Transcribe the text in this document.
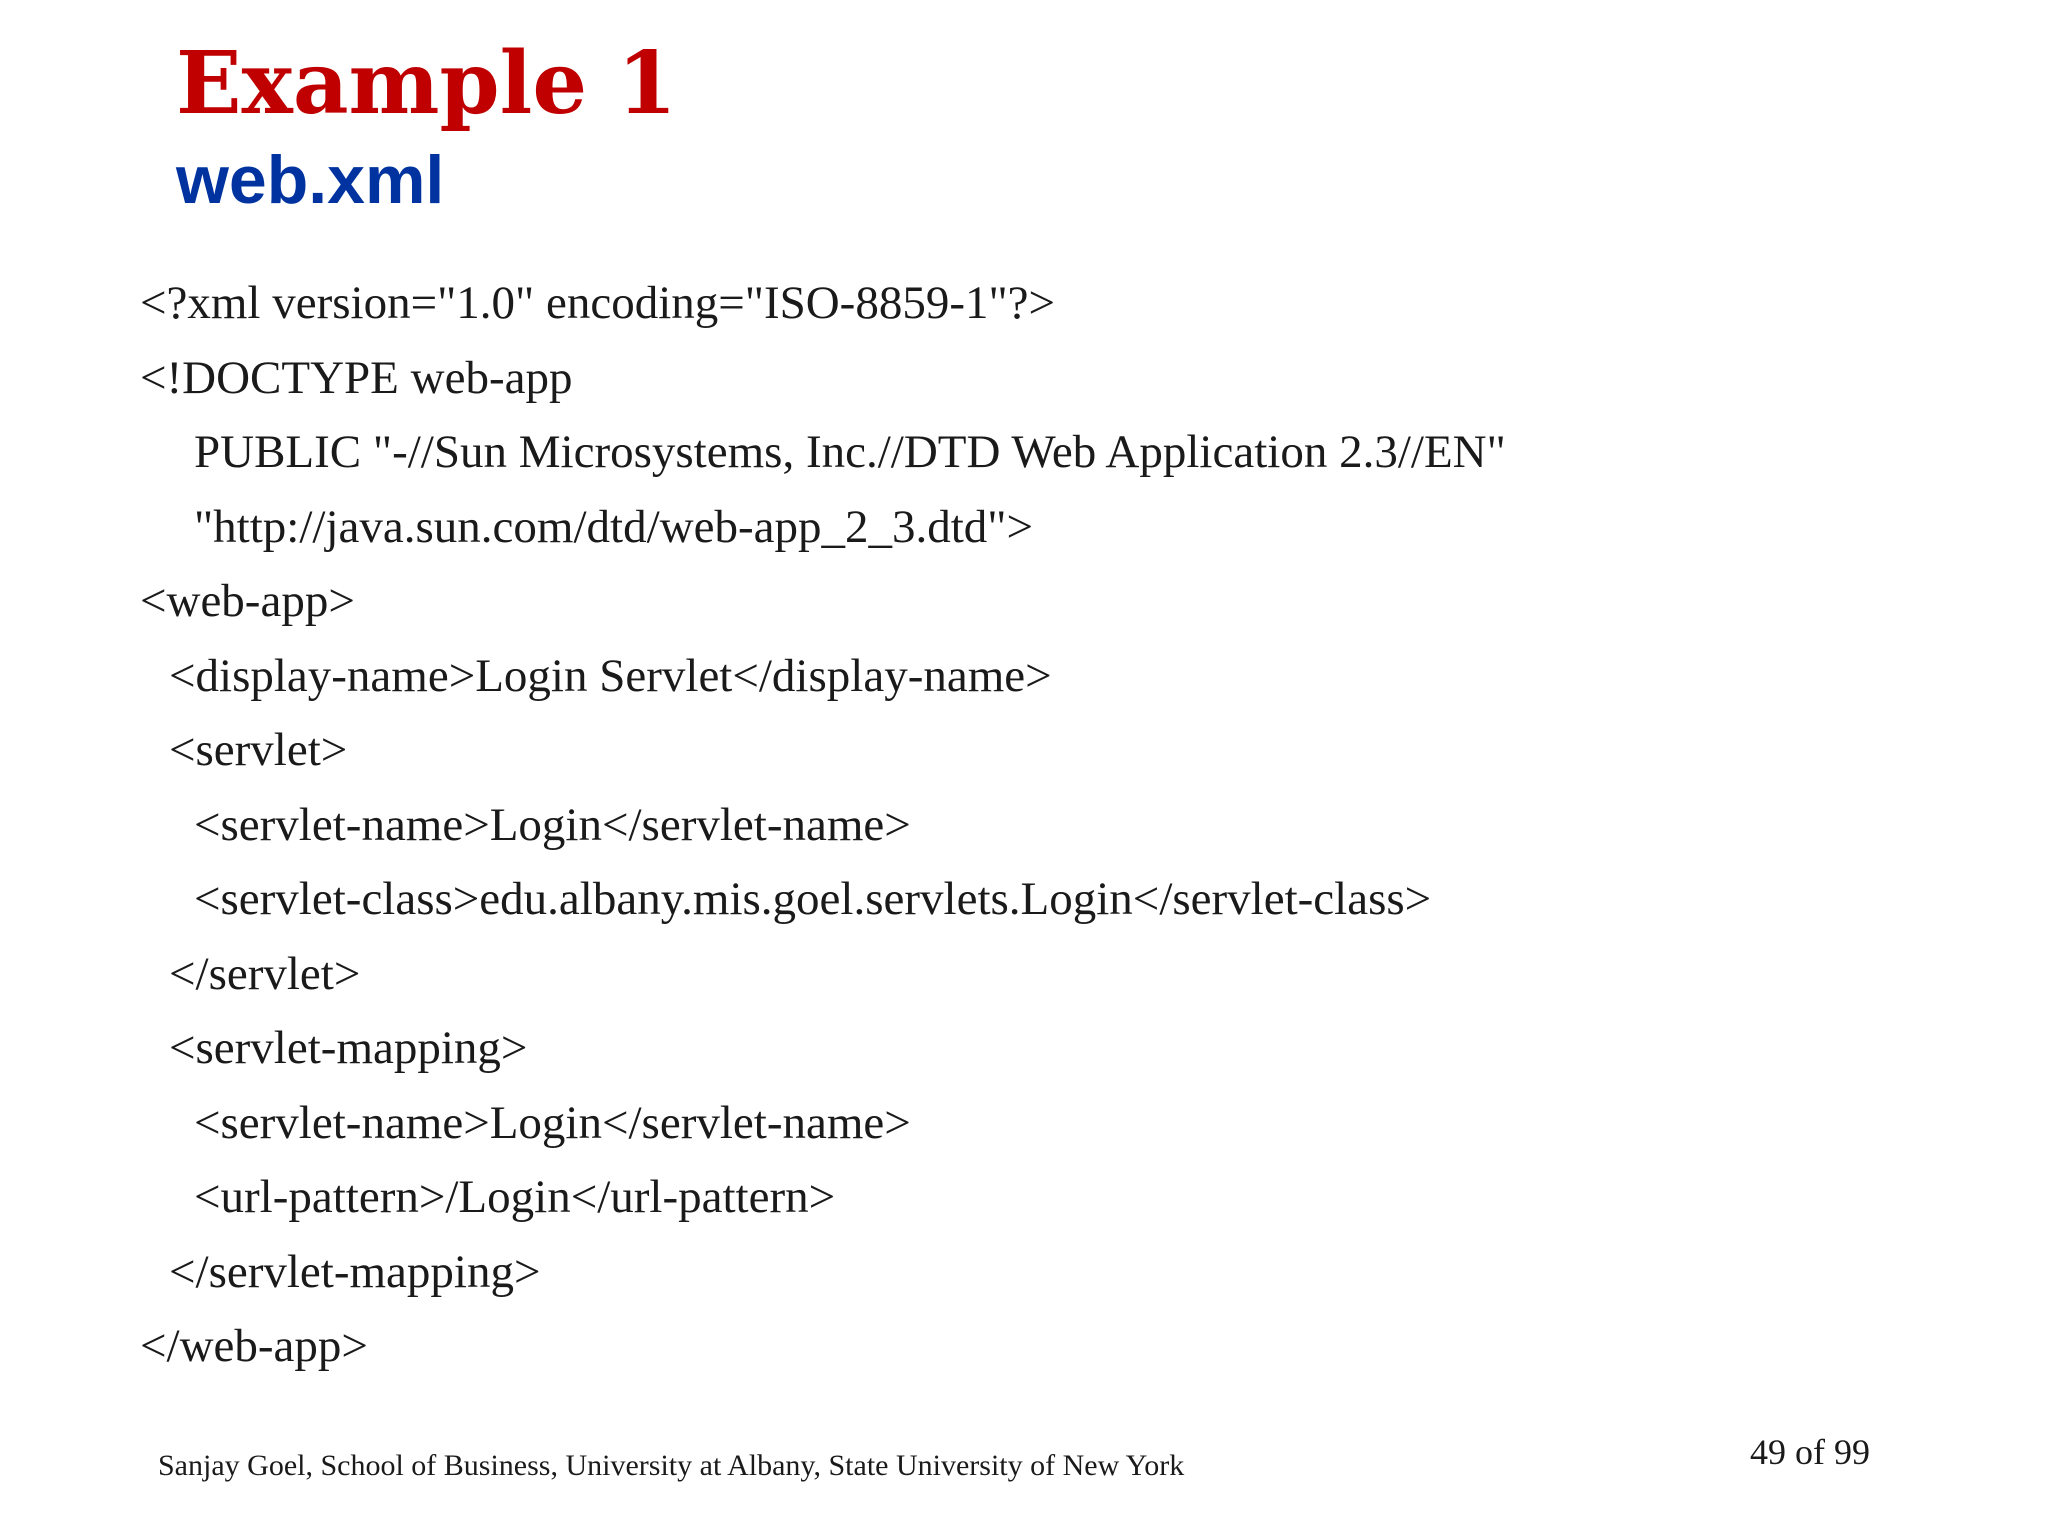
Example 1
web.xml
<?xml version="1.0" encoding="ISO-8859-1"?>
<!DOCTYPE web-app
PUBLIC "-//Sun Microsystems, Inc.//DTD Web Application 2.3//EN"
"http://java.sun.com/dtd/web-app_2_3.dtd">
<web-app>
<display-name>Login Servlet</display-name>
<servlet>
<servlet-name>Login</servlet-name>
<servlet-class>edu.albany.mis.goel.servlets.Login</servlet-class>
</servlet>
<servlet-mapping>
<servlet-name>Login</servlet-name>
<url-pattern>/Login</url-pattern>
</servlet-mapping>
</web-app>
Sanjay Goel, School of Business, University at Albany, State University of New York	49 of 99
